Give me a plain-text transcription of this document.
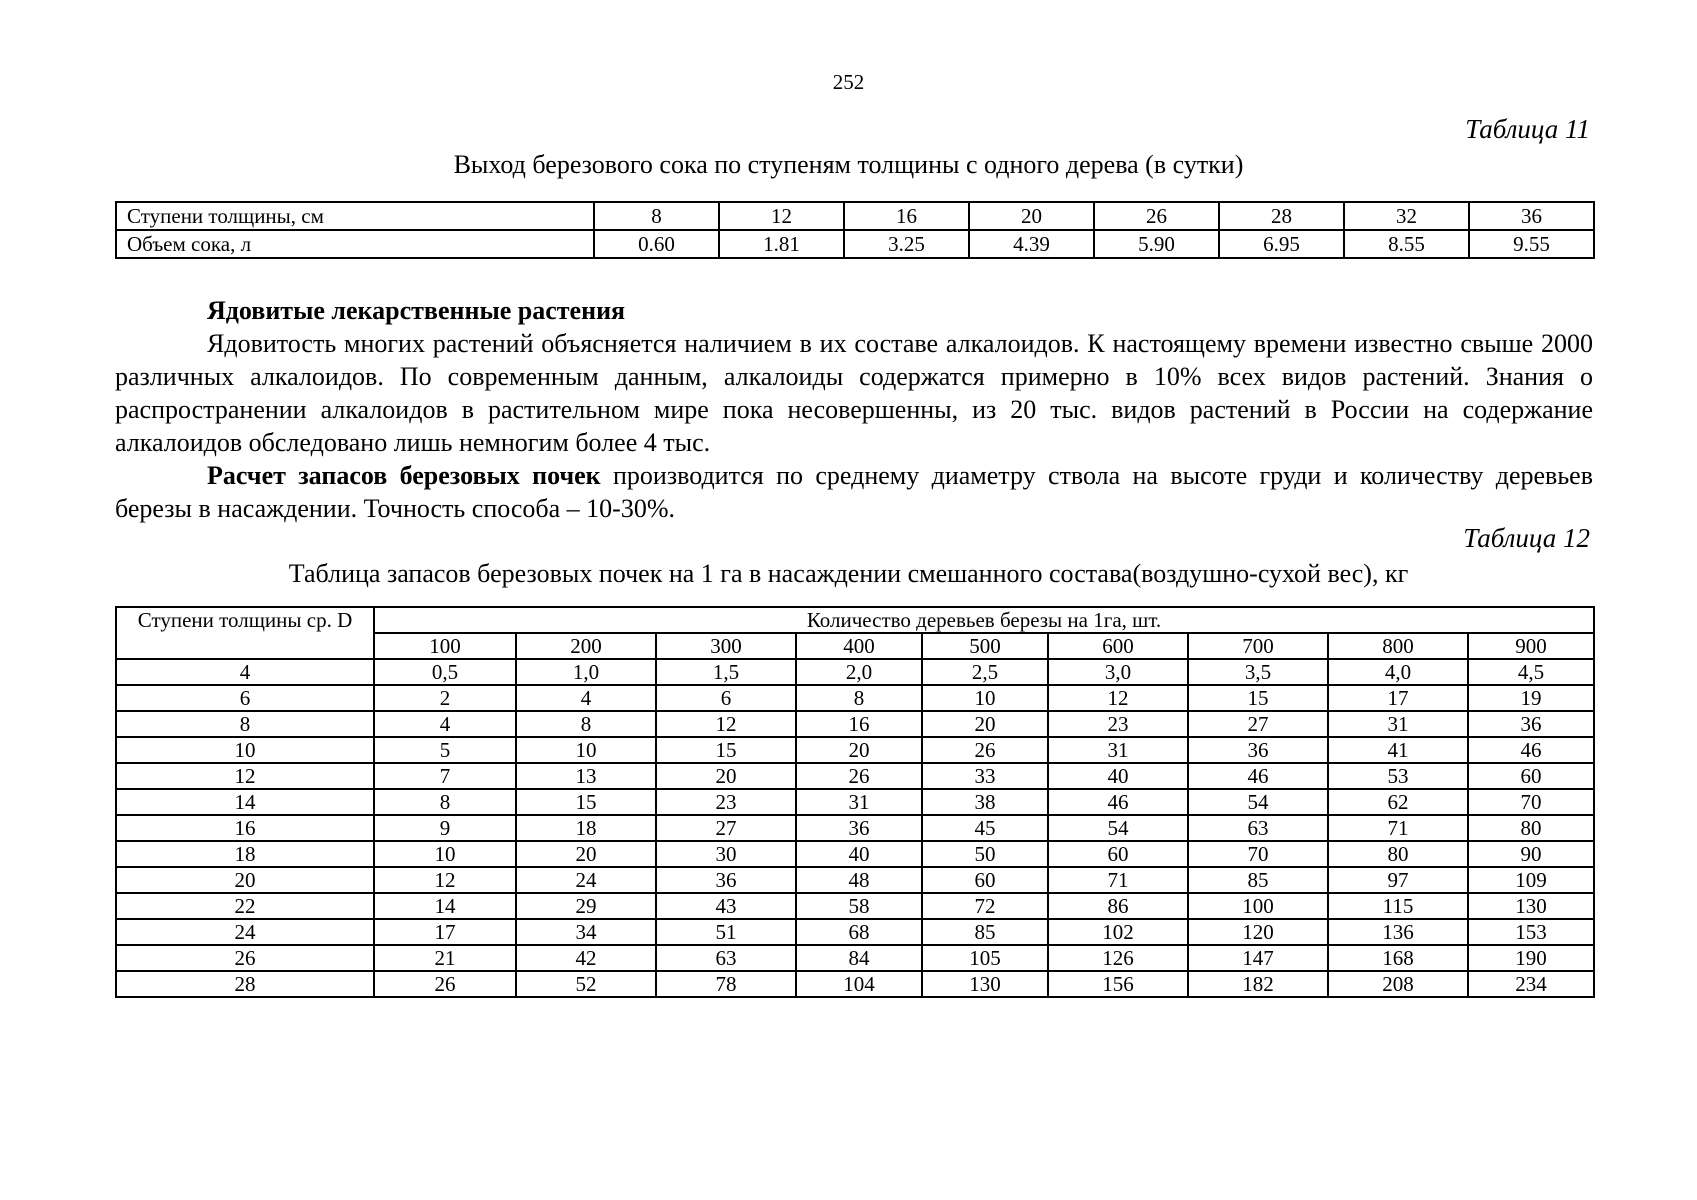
252
Таблица 11
Выход березового сока по ступеням толщины с одного дерева (в сутки)
Ступени толщины, см	8	12	16	20	26	28	32	36
Объем сока, л	0.60	1.81	3.25	4.39	5.90	6.95	8.55	9.55
Ядовитые лекарственные растения

Ядовитость многих растений объясняется наличием в их составе алкалоидов. К настоящему времени известно свыше 2000 различных алкалоидов. По современным данным, алкалоиды содержатся примерно в 10% всех видов растений. Знания о распространении алкалоидов в растительном мире пока несовершенны, из 20 тыс. видов растений в России на содержание алкалоидов обследовано лишь немногим более 4 тыс.

Расчет запасов березовых почек производится по среднему диаметру ствола на высоте груди и количеству деревьев березы в насаждении. Точность способа – 10-30%.

Таблица 12
Таблица запасов березовых почек на 1 га в насаждении смешанного состава(воздушно-сухой вес), кг
Ступени толщины ср. D	Количество деревьев березы на 1га, шт.								
	100	200	300	400	500	600	700	800	900
4	0,5	1,0	1,5	2,0	2,5	3,0	3,5	4,0	4,5
6	2	4	6	8	10	12	15	17	19
8	4	8	12	16	20	23	27	31	36
10	5	10	15	20	26	31	36	41	46
12	7	13	20	26	33	40	46	53	60
14	8	15	23	31	38	46	54	62	70
16	9	18	27	36	45	54	63	71	80
18	10	20	30	40	50	60	70	80	90
20	12	24	36	48	60	71	85	97	109
22	14	29	43	58	72	86	100	115	130
24	17	34	51	68	85	102	120	136	153
26	21	42	63	84	105	126	147	168	190
28	26	52	78	104	130	156	182	208	234
